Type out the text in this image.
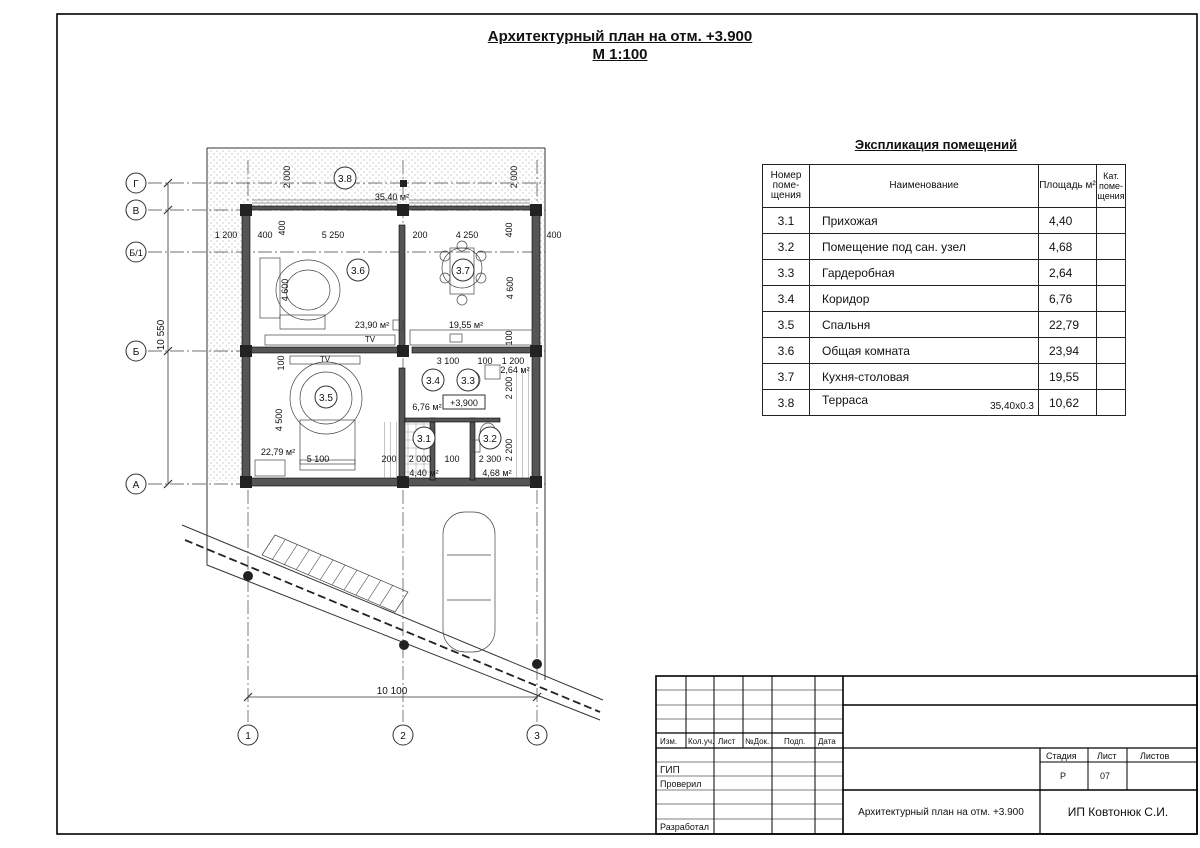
Архитектурный план на отм. +3.900
М 1:100
Экспликация помещений
Номер поме-щения	Наименование	Площадь м²	Кат. поме-щения
3.1	Прихожая	4,40	
3.2	Помещение под сан. узел	4,68	
3.3	Гардеробная	2,64	
3.4	Коридор	6,76	
3.5	Спальня	22,79	
3.6	Общая комната	23,94	
3.7	Кухня-столовая	19,55	
3.8	Терраса 35,40x0.3	10,62	
10 550
10 100
Г
В
Б/1
Б
А
1	2	3
2 000	2 000
1 200 400 400	5 250	200	4 250	400	400
4 600	4 600
100
3 100 100 1 200
100
4 500
5 100	200 2 000 100 2 300
2 200
2 200
3.8
35,40 м²
3.6
23,90 м²
3.7
19,55 м²
3.4
6,76 м²
3.3
2,64 м²
3.5
22,79 м²
3.1
4,40 м²
3.2
4,68 м²
+3,900
TV
TV
Изм. Кол.уч. Лист №Док. Подп. Дата
ГИП
Проверил
Разработал
Стадия Лист	Листов
Р	07
Архитектурный план на отм. +3.900	ИП Ковтонюк С.И.
